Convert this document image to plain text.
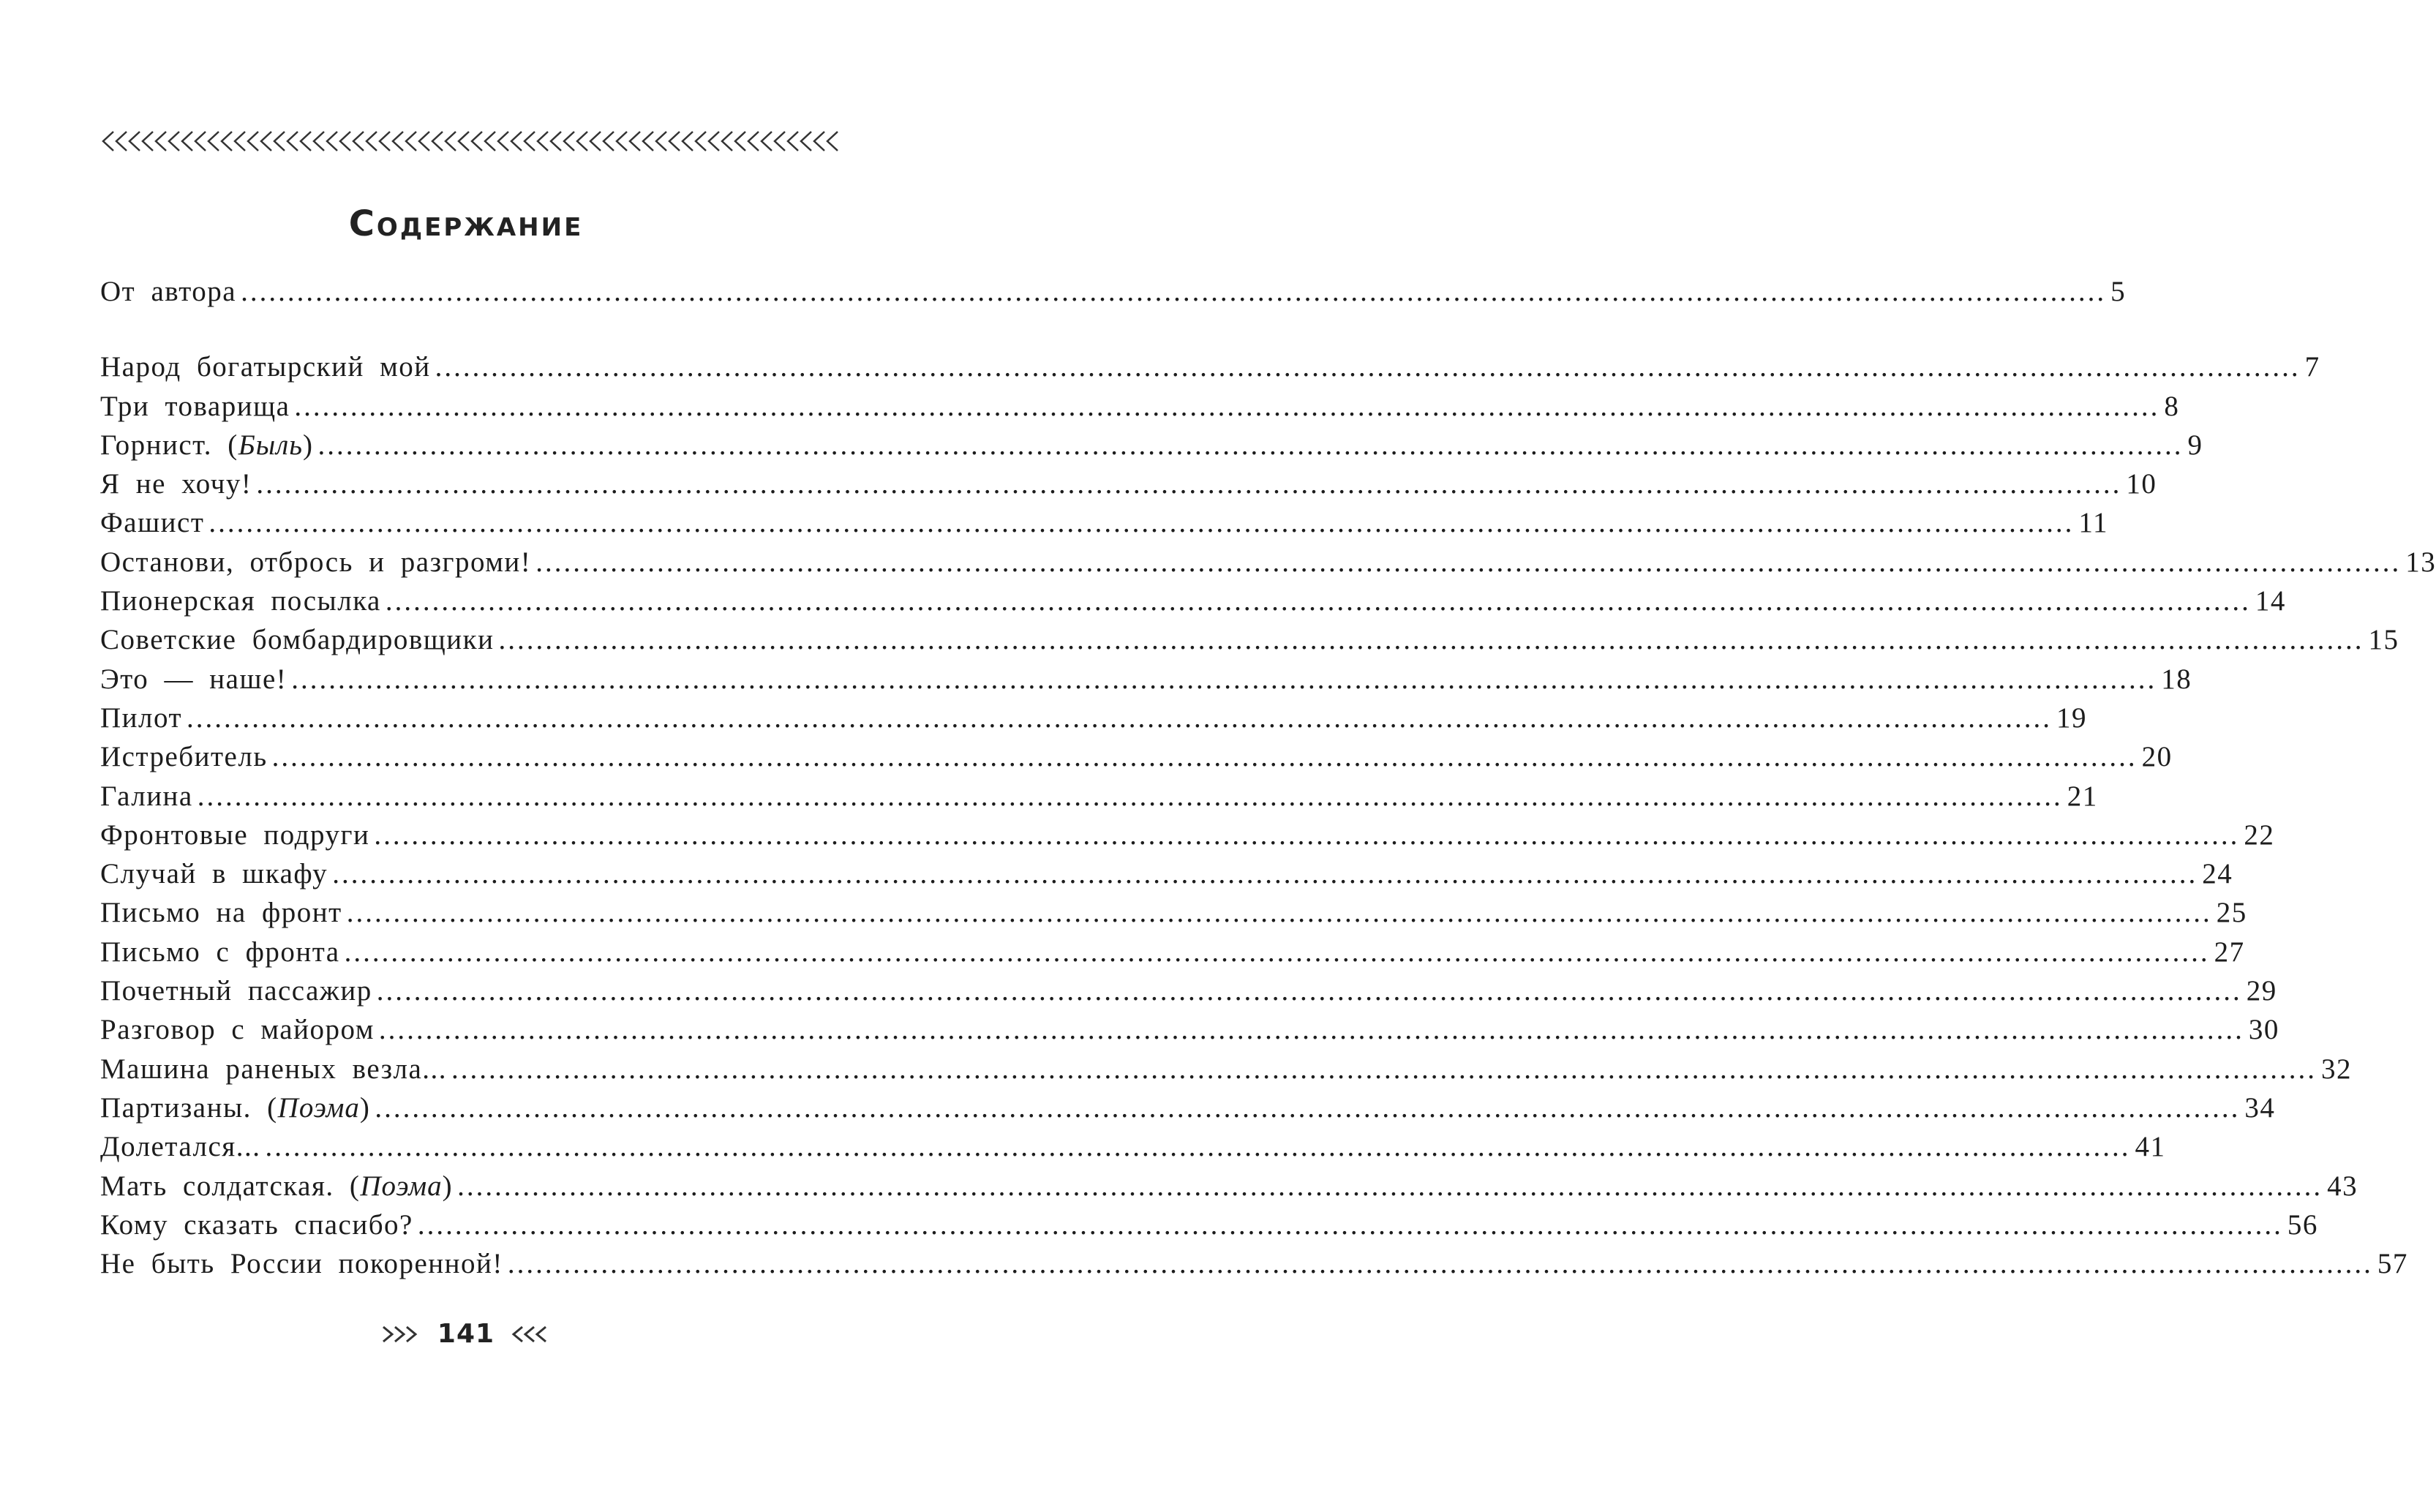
Содержание
От автора ........................................................................................................................................................................................................ 5
Народ богатырский мой ........................................................................................................................................................................................................ 7
Три товарища ........................................................................................................................................................................................................ 8
Горнист. (Быль) ........................................................................................................................................................................................................ 9
Я не хочу! ........................................................................................................................................................................................................ 10
Фашист ........................................................................................................................................................................................................ 11
Останови, отбрось и разгроми! ........................................................................................................................................................................................................ 13
Пионерская посылка ........................................................................................................................................................................................................ 14
Советские бомбардировщики ........................................................................................................................................................................................................ 15
Это — наше! ........................................................................................................................................................................................................ 18
Пилот ........................................................................................................................................................................................................ 19
Истребитель ........................................................................................................................................................................................................ 20
Галина ........................................................................................................................................................................................................ 21
Фронтовые подруги ........................................................................................................................................................................................................ 22
Случай в шкафу ........................................................................................................................................................................................................ 24
Письмо на фронт ........................................................................................................................................................................................................ 25
Письмо с фронта ........................................................................................................................................................................................................ 27
Почетный пассажир ........................................................................................................................................................................................................ 29
Разговор с майором ........................................................................................................................................................................................................ 30
Машина раненых везла... ........................................................................................................................................................................................................ 32
Партизаны. (Поэма) ........................................................................................................................................................................................................ 34
Долетался... ........................................................................................................................................................................................................ 41
Мать солдатская. (Поэма) ........................................................................................................................................................................................................ 43
Кому сказать спасибо? ........................................................................................................................................................................................................ 56
Не быть России покоренной! ........................................................................................................................................................................................................ 57
141
